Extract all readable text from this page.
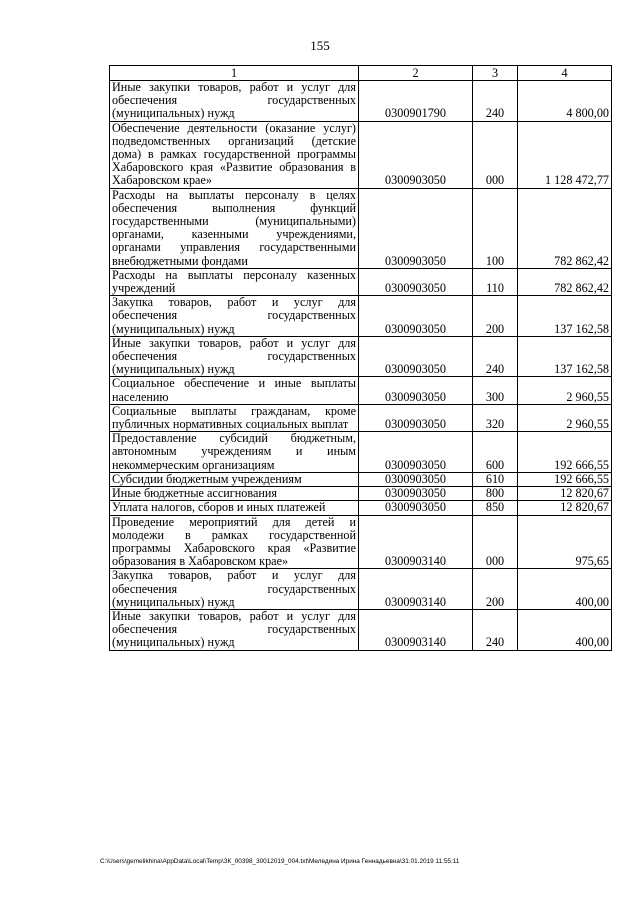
155
1	2	3	4
Иные закупки товаров, работ и услуг для обеспечения государственных (муниципальных) нужд	0300901790	240	4 800,00
Обеспечение деятельности (оказание услуг) подведомственных организаций (детские дома) в рамках государственной программы Хабаровского края «Развитие образования в Хабаровском крае»	0300903050	000	1 128 472,77
Расходы на выплаты персоналу в целях обеспечения выполнения функций государственными (муниципальными) органами, казенными учреждениями, органами управления государственными внебюджетными фондами	0300903050	100	782 862,42
Расходы на выплаты персоналу казенных учреждений	0300903050	110	782 862,42
Закупка товаров, работ и услуг для обеспечения государственных (муниципальных) нужд	0300903050	200	137 162,58
Иные закупки товаров, работ и услуг для обеспечения государственных (муниципальных) нужд	0300903050	240	137 162,58
Социальное обеспечение и иные выплаты населению	0300903050	300	2 960,55
Социальные выплаты гражданам, кроме публичных нормативных социальных выплат	0300903050	320	2 960,55
Предоставление субсидий бюджетным, автономным учреждениям и иным некоммерческим организациям	0300903050	600	192 666,55
Субсидии бюджетным учреждениям	0300903050	610	192 666,55
Иные бюджетные ассигнования	0300903050	800	12 820,67
Уплата налогов, сборов и иных платежей	0300903050	850	12 820,67
Проведение мероприятий для детей и молодежи в рамках государственной программы Хабаровского края «Развитие образования в Хабаровском крае»	0300903140	000	975,65
Закупка товаров, работ и услуг для обеспечения государственных (муниципальных) нужд	0300903140	200	400,00
Иные закупки товаров, работ и услуг для обеспечения государственных (муниципальных) нужд	0300903140	240	400,00
C:\Users\gemelikhina\AppData\Local\Temp\ЗК_00398_30012019_004.txt\Меледина Ирина Геннадьевна\31.01.2019 11:55:11
